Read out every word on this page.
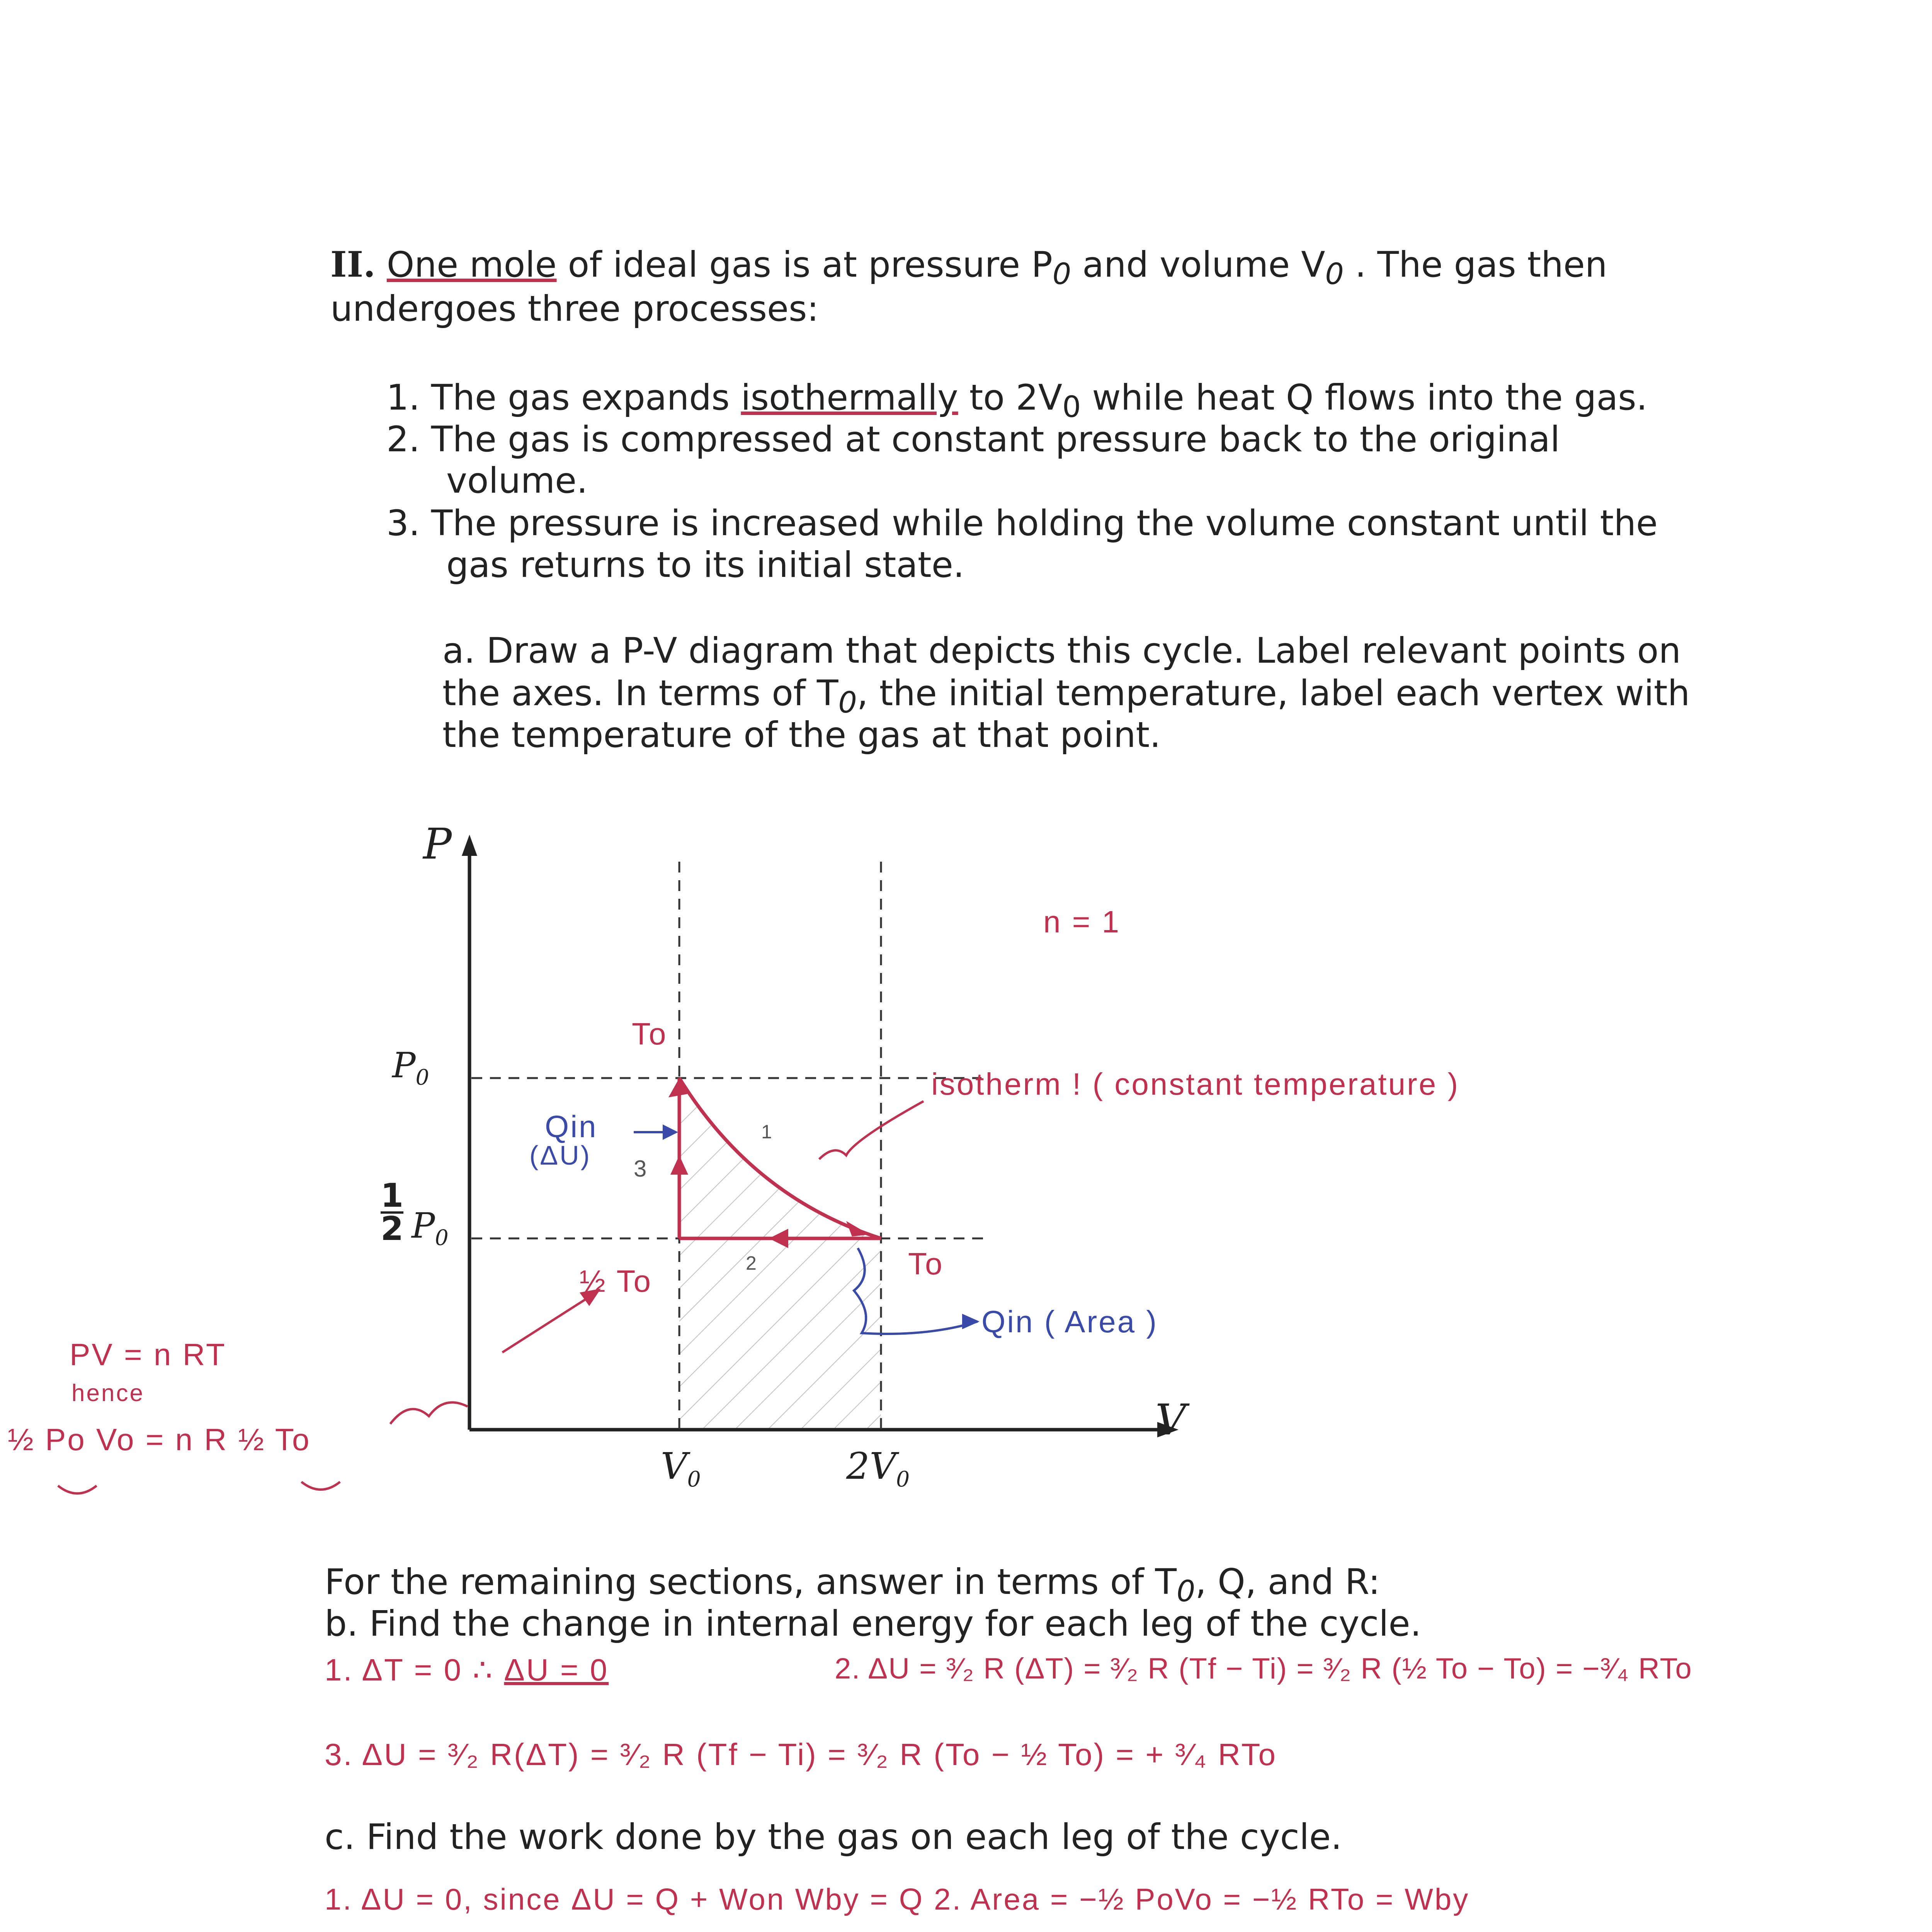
II. One mole of ideal gas is at pressure $P_0$ and volume $V_0$ . The gas then
undergoes three processes:
1. The gas expands isothermally to $2V_0$ while heat Q flows into the gas.
2. The gas is compressed at constant pressure back to the original
volume.
3. The pressure is increased while holding the volume constant until the
gas returns to its initial state.
a. Draw a P-V diagram that depicts this cycle. Label relevant points on
the axes. In terms of $T_0$, the initial temperature, label each vertex with
the temperature of the gas at that point.
P
V
$P_0$
$\frac{1}{2} P_0$
$V_0$	$2V_0$
n = 1
isotherm ! ( constant temperature )
To
To
½ To
Qin
(ΔU)
Qin ( Area )
1
2
3
PV = n RT
hence
½ Po Vo = n R ½ To
For the remaining sections, answer in terms of $T_0$, Q, and R:
b. Find the change in internal energy for each leg of the cycle.
1. ΔT = 0 ∴ ΔU = 0	2. ΔU = ³⁄₂ R (ΔT) = ³⁄₂ R (Tf − Ti) = ³⁄₂ R (½ To − To) = −³⁄₄ RTo
3. ΔU = ³⁄₂ R(ΔT) = ³⁄₂ R (Tf − Ti) = ³⁄₂ R (To − ½ To) = + ³⁄₄ RTo
c. Find the work done by the gas on each leg of the cycle.
1. ΔU = 0, since ΔU = Q + Won Wby = Q 2. Area = −½ PoVo = −½ RTo = Wby
